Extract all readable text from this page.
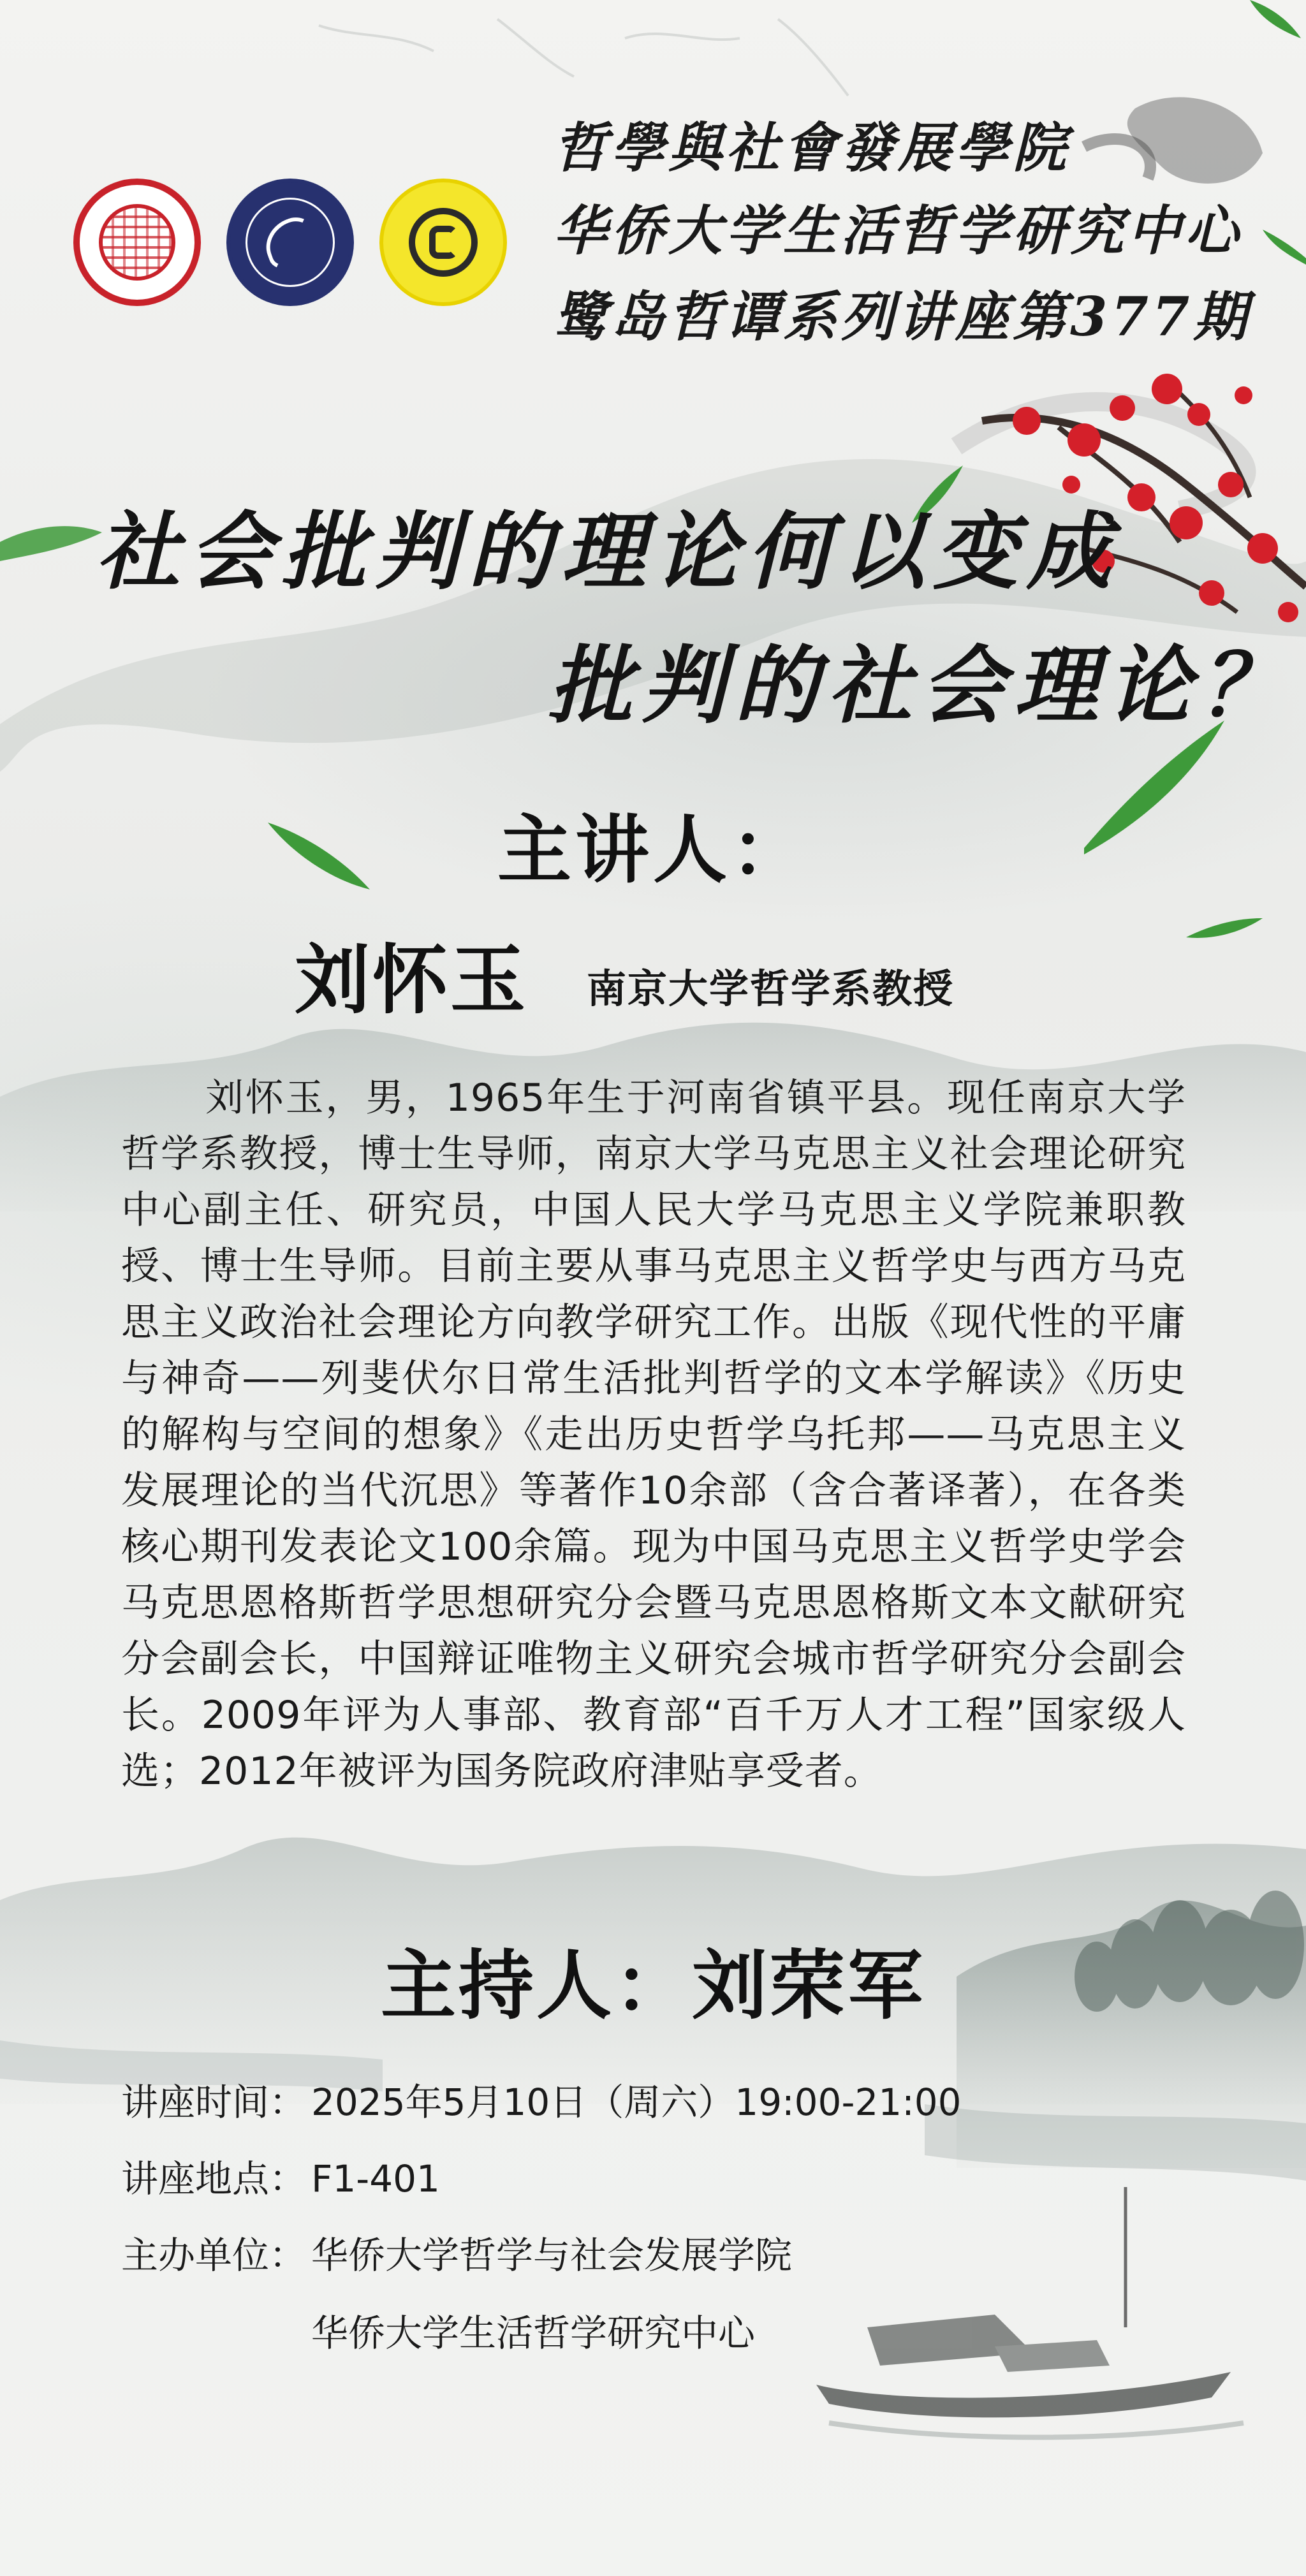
哲學與社會發展學院
华侨大学生活哲学研究中心
鹭岛哲谭系列讲座第377期
社会批判的理论何以变成
批判的社会理论？
主讲人：
刘怀玉 南京大学哲学系教授

刘怀玉，男，1965年生于河南省镇平县。现任南京大学哲学系教授，博士生导师，南京大学马克思主义社会理论研究中心副主任、研究员，中国人民大学马克思主义学院兼职教授、博士生导师。目前主要从事马克思主义哲学史与西方马克思主义政治社会理论方向教学研究工作。出版《现代性的平庸与神奇——列斐伏尔日常生活批判哲学的文本学解读》《历史的解构与空间的想象》《走出历史哲学乌托邦——马克思主义发展理论的当代沉思》等著作10余部（含合著译著），在各类核心期刊发表论文100余篇。现为中国马克思主义哲学史学会马克思恩格斯哲学思想研究分会暨马克思恩格斯文本文献研究分会副会长，中国辩证唯物主义研究会城市哲学研究分会副会长。2009年评为人事部、教育部“百千万人才工程”国家级人选；2012年被评为国务院政府津贴享受者。

主持人：刘荣军
讲座时间： 2025年5月10日（周六）19:00-21:00
讲座地点： F1-401
主办单位： 华侨大学哲学与社会发展学院
华侨大学生活哲学研究中心
